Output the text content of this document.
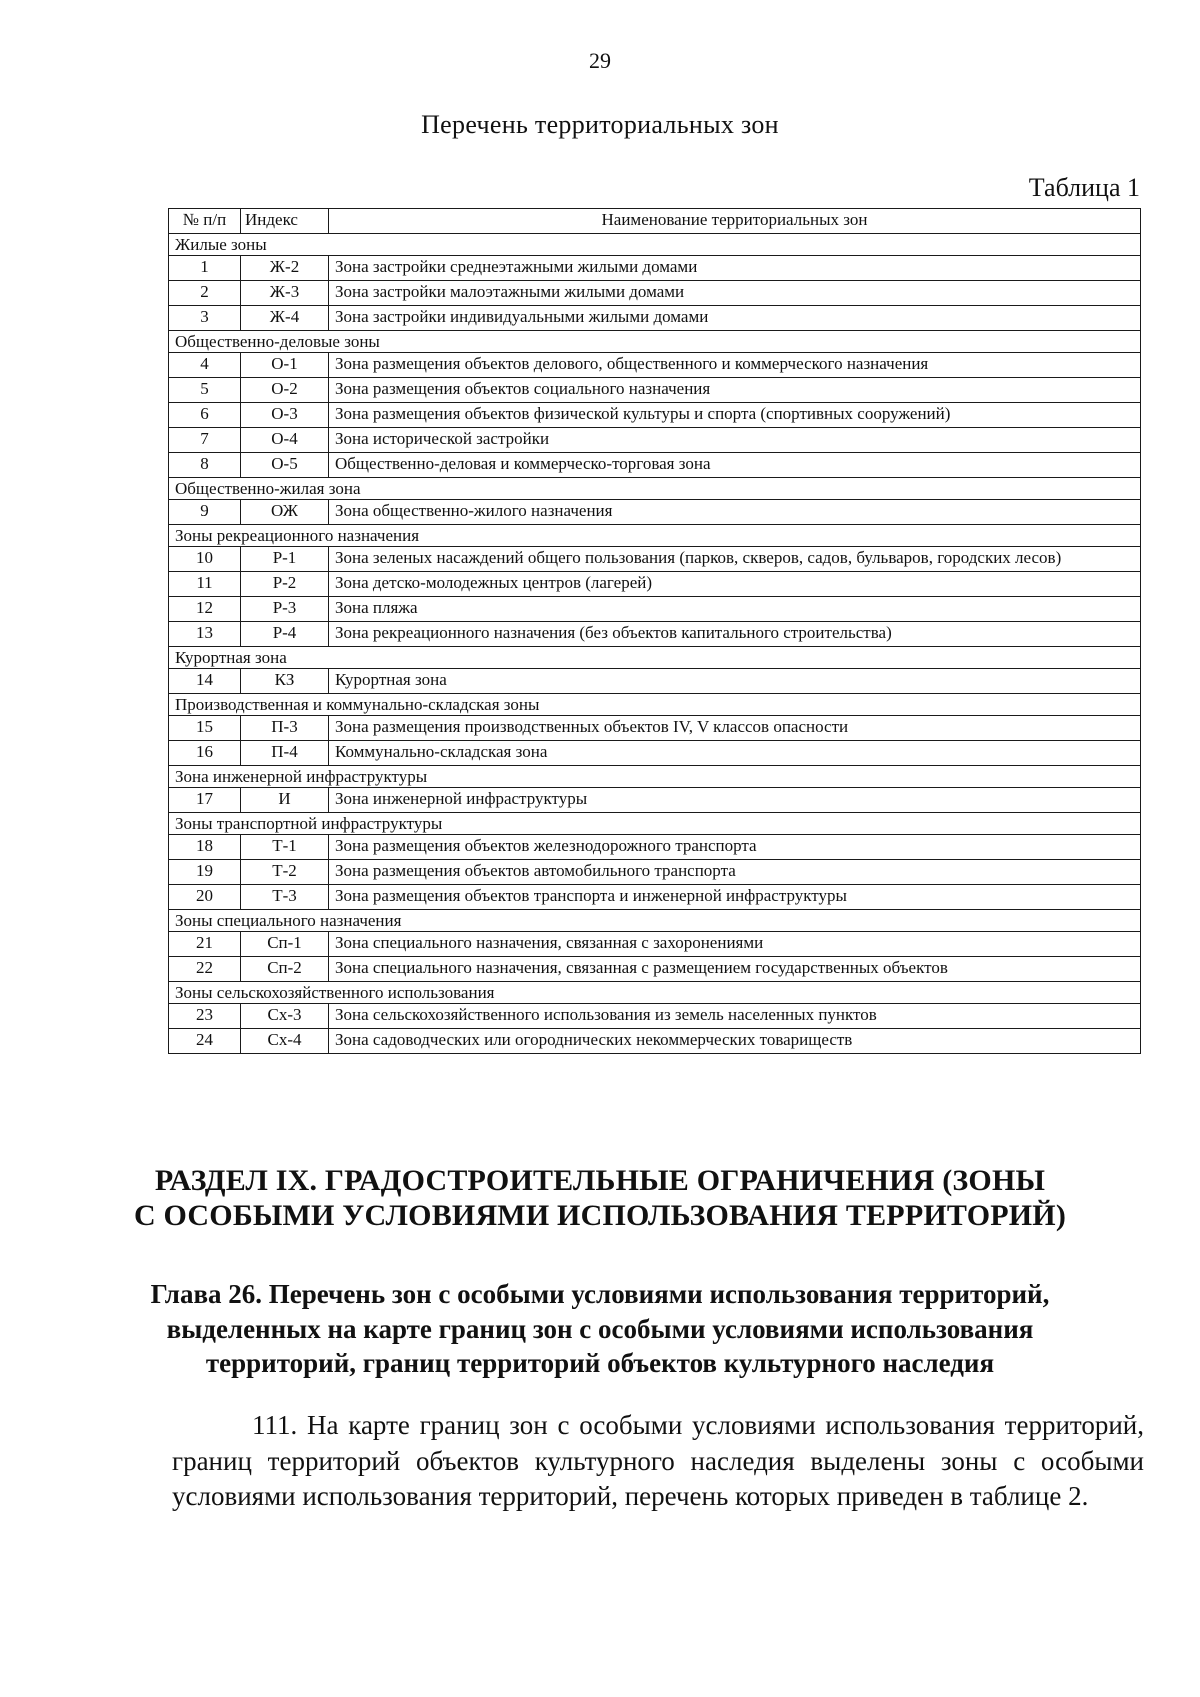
29
Перечень территориальных зон
Таблица 1
№ п/п	Индекс	Наименование территориальных зон
Жилые зоны		
1	Ж-2	Зона застройки среднеэтажными жилыми домами
2	Ж-3	Зона застройки малоэтажными жилыми домами
3	Ж-4	Зона застройки индивидуальными жилыми домами
Общественно-деловые зоны		
4	О-1	Зона размещения объектов делового, общественного и коммерческого назначения
5	О-2	Зона размещения объектов социального назначения
6	О-3	Зона размещения объектов физической культуры и спорта (спортивных сооружений)
7	О-4	Зона исторической застройки
8	О-5	Общественно-деловая и коммерческо-торговая зона
Общественно-жилая зона		
9	ОЖ	Зона общественно-жилого назначения
Зоны рекреационного назначения		
10	Р-1	Зона зеленых насаждений общего пользования (парков, скверов, садов, бульваров, городских лесов)
11	Р-2	Зона детско-молодежных центров (лагерей)
12	Р-3	Зона пляжа
13	Р-4	Зона рекреационного назначения (без объектов капитального строительства)
Курортная зона		
14	КЗ	Курортная зона
Производственная и коммунально-складская зоны		
15	П-3	Зона размещения производственных объектов IV, V классов опасности
16	П-4	Коммунально-складская зона
Зона инженерной инфраструктуры		
17	И	Зона инженерной инфраструктуры
Зоны транспортной инфраструктуры		
18	Т-1	Зона размещения объектов железнодорожного транспорта
19	Т-2	Зона размещения объектов автомобильного транспорта
20	Т-3	Зона размещения объектов транспорта и инженерной инфраструктуры
Зоны специального назначения		
21	Сп-1	Зона специального назначения, связанная с захоронениями
22	Сп-2	Зона специального назначения, связанная с размещением государственных объектов
Зоны сельскохозяйственного использования		
23	Сх-3	Зона сельскохозяйственного использования из земель населенных пунктов
24	Сх-4	Зона садоводческих или огороднических некоммерческих товариществ
РАЗДЕЛ IX. ГРАДОСТРОИТЕЛЬНЫЕ ОГРАНИЧЕНИЯ (ЗОНЫ
С ОСОБЫМИ УСЛОВИЯМИ ИСПОЛЬЗОВАНИЯ ТЕРРИТОРИЙ)
Глава 26. Перечень зон с особыми условиями использования территорий, выделенных на карте границ зон с особыми условиями использования территорий, границ территорий объектов культурного наследия
111. На карте границ зон с особыми условиями использования территорий, границ территорий объектов культурного наследия выделены зоны с особыми условиями использования территорий, перечень которых приведен в таблице 2.
